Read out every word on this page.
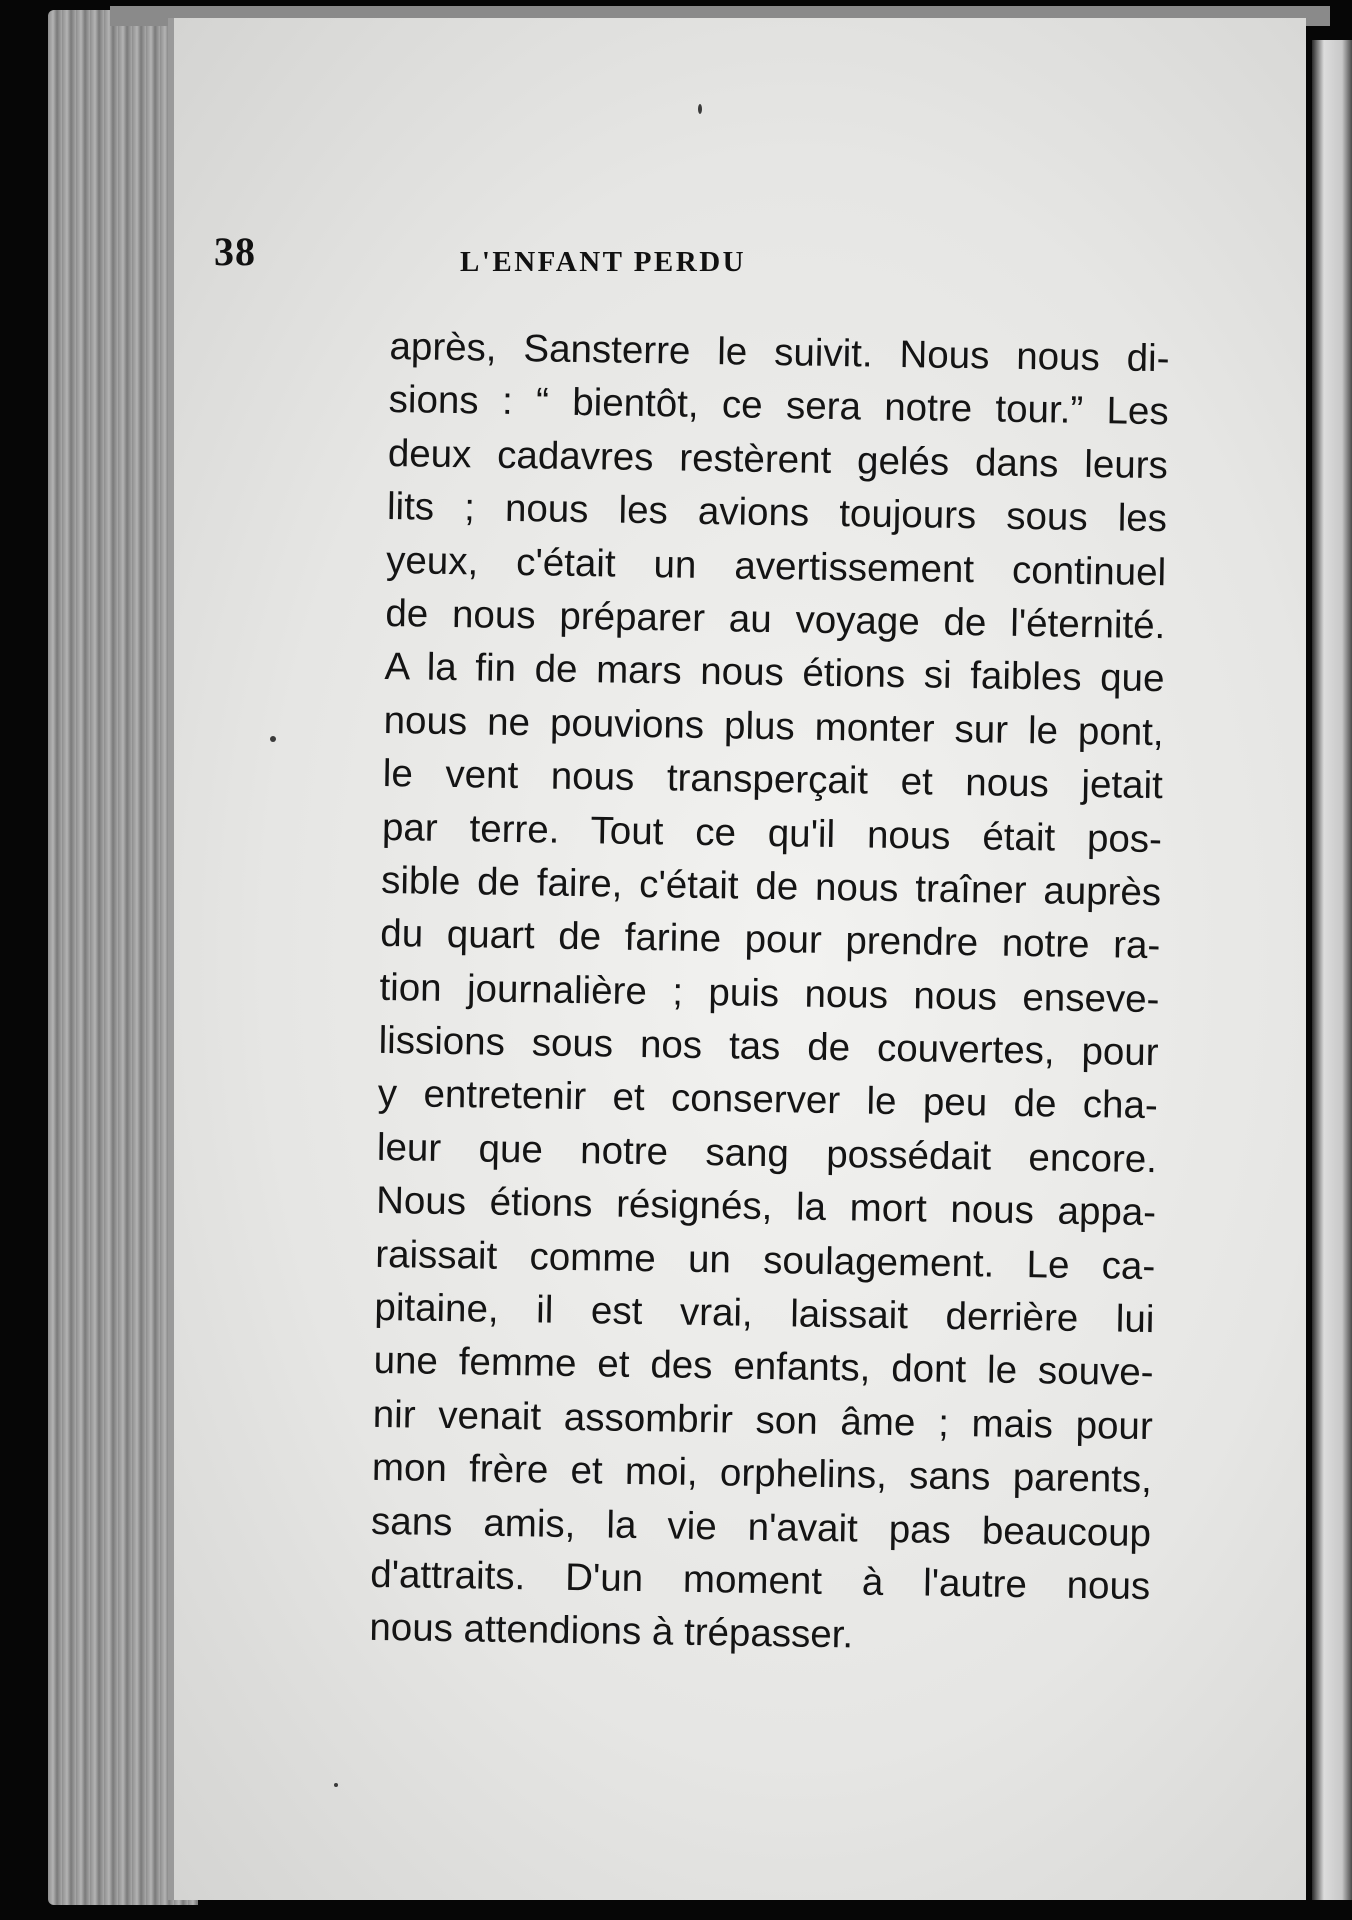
38	L'ENFANT PERDU
après, Sansterre le suivit. Nous nous di-
sions : “ bientôt, ce sera notre tour.” Les
deux cadavres restèrent gelés dans leurs
lits ; nous les avions toujours sous les
yeux, c'était un avertissement continuel
de nous préparer au voyage de l'éternité.
A la fin de mars nous étions si faibles que
nous ne pouvions plus monter sur le pont,
le vent nous transperçait et nous jetait
par terre. Tout ce qu'il nous était pos-
sible de faire, c'était de nous traîner auprès
du quart de farine pour prendre notre ra-
tion journalière ; puis nous nous enseve-
lissions sous nos tas de couvertes, pour
y entretenir et conserver le peu de cha-
leur que notre sang possédait encore.
Nous étions résignés, la mort nous appa-
raissait comme un soulagement. Le ca-
pitaine, il est vrai, laissait derrière lui
une femme et des enfants, dont le souve-
nir venait assombrir son âme ; mais pour
mon frère et moi, orphelins, sans parents,
sans amis, la vie n'avait pas beaucoup
d'attraits. D'un moment à l'autre nous
nous attendions à trépasser.
